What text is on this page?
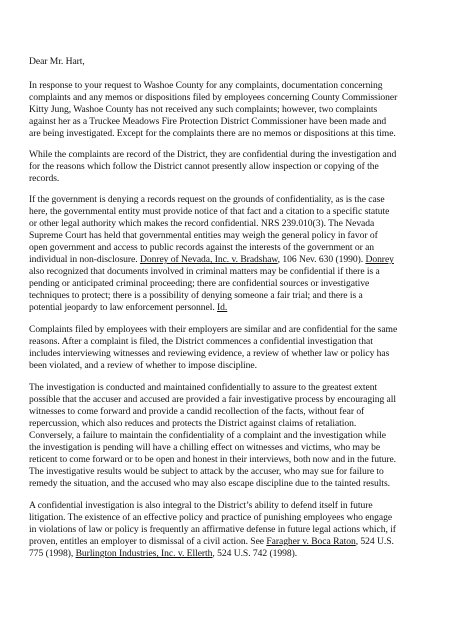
Dear Mr. Hart,
In response to your request to Washoe County for any complaints, documentation concerning
complaints and any memos or dispositions filed by employees concerning County Commissioner
Kitty Jung, Washoe County has not received any such complaints; however, two complaints
against her as a Truckee Meadows Fire Protection District Commissioner have been made and
are being investigated. Except for the complaints there are no memos or dispositions at this time.
While the complaints are record of the District, they are confidential during the investigation and
for the reasons which follow the District cannot presently allow inspection or copying of the
records.
If the government is denying a records request on the grounds of confidentiality, as is the case
here, the governmental entity must provide notice of that fact and a citation to a specific statute
or other legal authority which makes the record confidential. NRS 239.010(3). The Nevada
Supreme Court has held that governmental entities may weigh the general policy in favor of
open government and access to public records against the interests of the government or an
individual in non-disclosure. Donrey of Nevada, Inc. v. Bradshaw, 106 Nev. 630 (1990). Donrey
also recognized that documents involved in criminal matters may be confidential if there is a
pending or anticipated criminal proceeding; there are confidential sources or investigative
techniques to protect; there is a possibility of denying someone a fair trial; and there is a
potential jeopardy to law enforcement personnel. Id.
Complaints filed by employees with their employers are similar and are confidential for the same
reasons. After a complaint is filed, the District commences a confidential investigation that
includes interviewing witnesses and reviewing evidence, a review of whether law or policy has
been violated, and a review of whether to impose discipline.
The investigation is conducted and maintained confidentially to assure to the greatest extent
possible that the accuser and accused are provided a fair investigative process by encouraging all
witnesses to come forward and provide a candid recollection of the facts, without fear of
repercussion, which also reduces and protects the District against claims of retaliation.
Conversely, a failure to maintain the confidentiality of a complaint and the investigation while
the investigation is pending will have a chilling effect on witnesses and victims, who may be
reticent to come forward or to be open and honest in their interviews, both now and in the future.
The investigative results would be subject to attack by the accuser, who may sue for failure to
remedy the situation, and the accused who may also escape discipline due to the tainted results.
A confidential investigation is also integral to the District’s ability to defend itself in future
litigation. The existence of an effective policy and practice of punishing employees who engage
in violations of law or policy is frequently an affirmative defense in future legal actions which, if
proven, entitles an employer to dismissal of a civil action. See Faragher v. Boca Raton, 524 U.S.
775 (1998), Burlington Industries, Inc. v. Ellerth, 524 U.S. 742 (1998).
